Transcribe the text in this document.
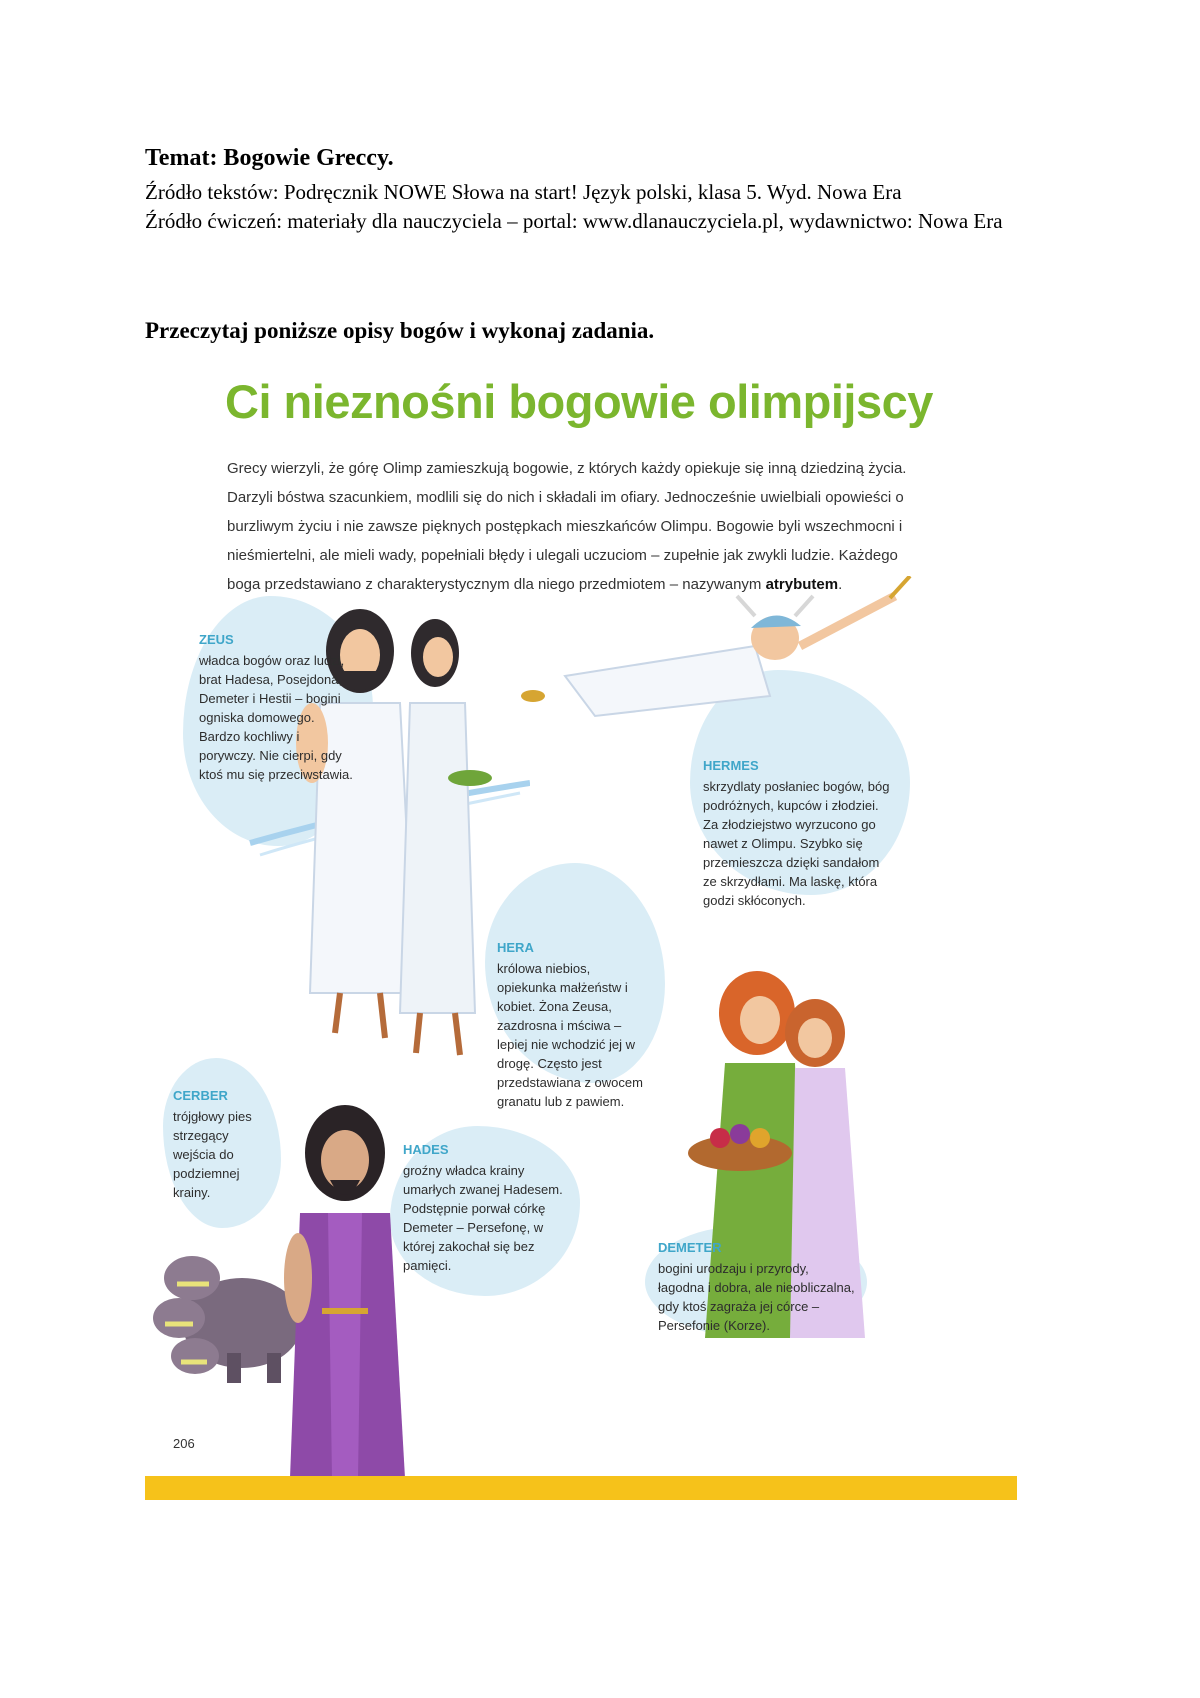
Temat: Bogowie Greccy.

Źródło tekstów: Podręcznik NOWE Słowa na start! Język polski, klasa 5. Wyd. Nowa Era

Źródło ćwiczeń: materiały dla nauczyciela – portal: www.dlanauczyciela.pl, wydawnictwo: Nowa Era

Przeczytaj poniższe opisy bogów i wykonaj zadania.

Ci nieznośni bogowie olimpijscy

Grecy wierzyli, że górę Olimp zamieszkują bogowie, z których każdy opiekuje się inną dziedziną życia. Darzyli bóstwa szacunkiem, modlili się do nich i składali im ofiary. Jednocześnie uwielbiali opowieści o burzliwym życiu i nie zawsze pięknych postępkach mieszkańców Olimpu. Bogowie byli wszechmocni i nieśmiertelni, ale mieli wady, popełniali błędy i ulegali uczuciom – zupełnie jak zwykli ludzie. Każdego boga przedstawiano z charakterystycznym dla niego przedmiotem – nazywanym atrybutem.

ZEUS
władca bogów oraz ludzi, brat Hadesa, Posejdona, Demeter i Hestii – bogini ogniska domowego. Bardzo kochliwy i porywczy. Nie cierpi, gdy ktoś mu się przeciwstawia.
HERMES
skrzydlaty posłaniec bogów, bóg podróżnych, kupców i złodziei. Za złodziejstwo wyrzucono go nawet z Olimpu. Szybko się przemieszcza dzięki sandałom ze skrzydłami. Ma laskę, która godzi skłóconych.
HERA
królowa niebios, opiekunka małżeństw i kobiet. Żona Zeusa, zazdrosna i mściwa – lepiej nie wchodzić jej w drogę. Często jest przedstawiana z owocem granatu lub z pawiem.
CERBER
trójgłowy pies strzegący wejścia do podziemnej krainy.
HADES
groźny władca krainy umarłych zwanej Hadesem. Podstępnie porwał córkę Demeter – Persefonę, w której zakochał się bez pamięci.
DEMETER
bogini urodzaju i przyrody, łagodna i dobra, ale nieobliczalna, gdy ktoś zagraża jej córce – Persefonie (Korze).
206
